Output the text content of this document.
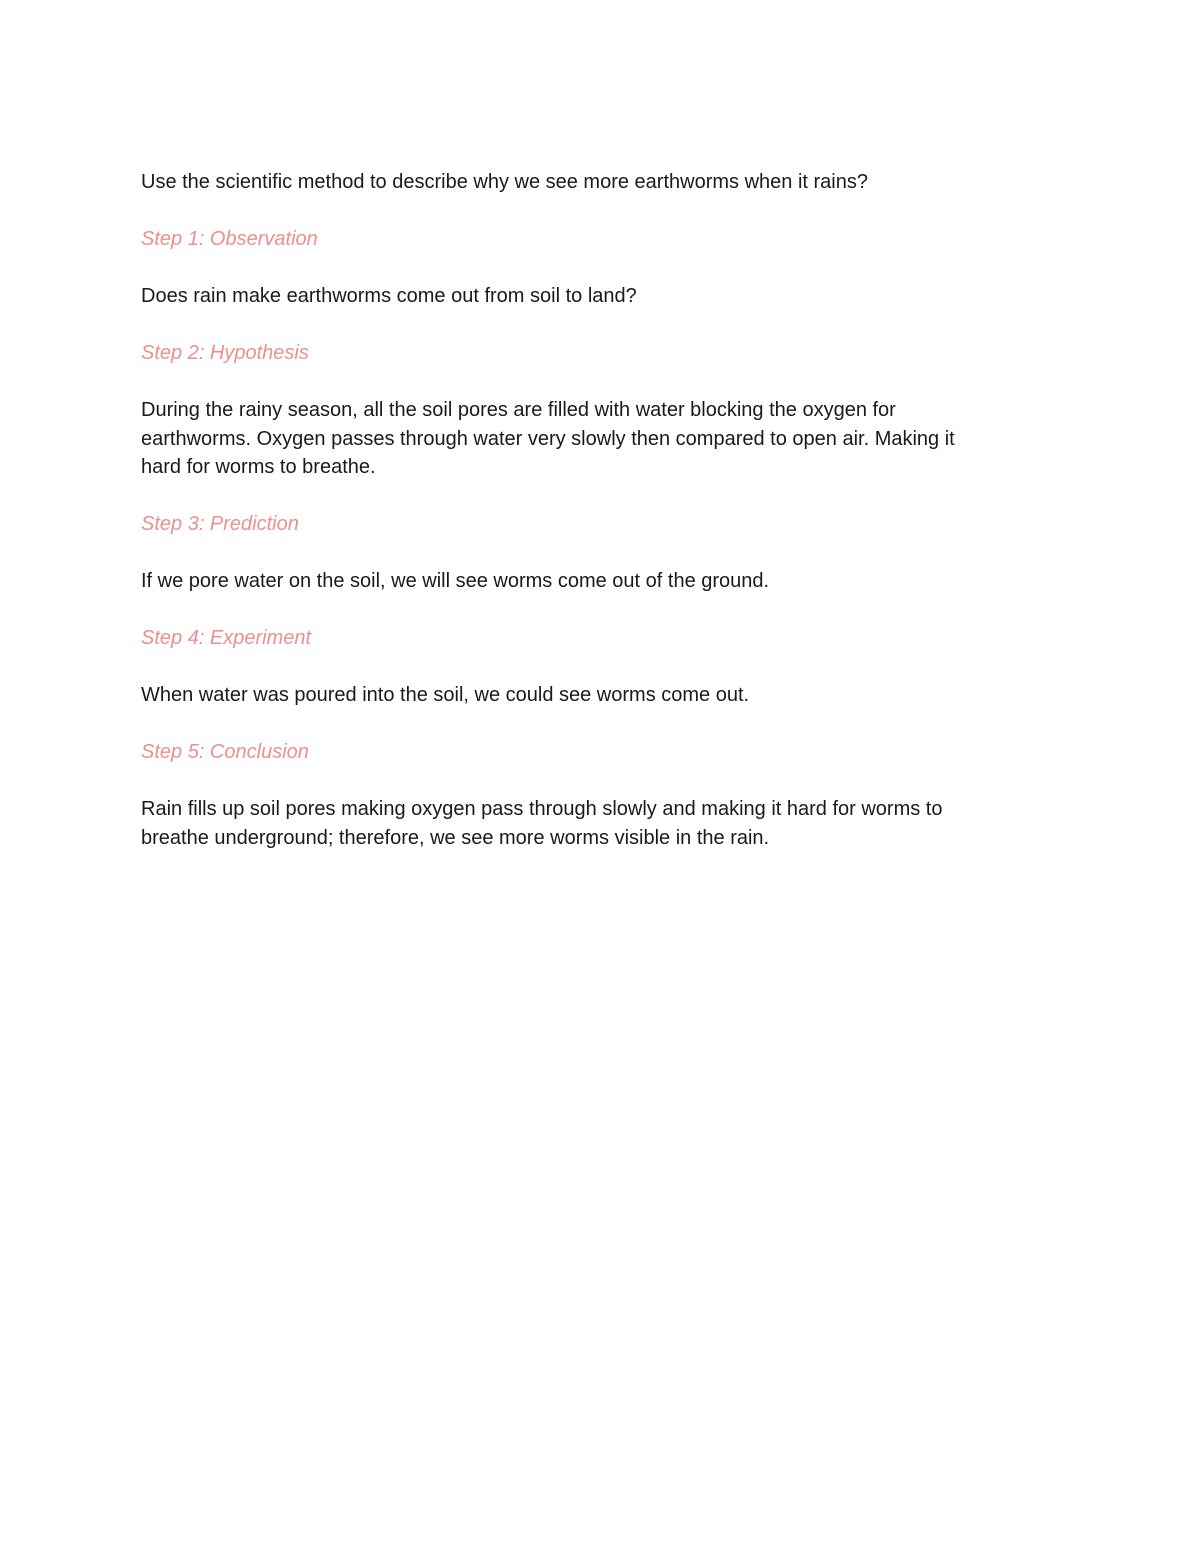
Use the scientific method to describe why we see more earthworms when it rains?

Step 1: Observation

Does rain make earthworms come out from soil to land?

Step 2: Hypothesis

During the rainy season, all the soil pores are filled with water blocking the oxygen for
earthworms. Oxygen passes through water very slowly then compared to open air. Making it
hard for worms to breathe.

Step 3: Prediction

If we pore water on the soil, we will see worms come out of the ground.

Step 4: Experiment

When water was poured into the soil, we could see worms come out.

Step 5: Conclusion

Rain fills up soil pores making oxygen pass through slowly and making it hard for worms to
breathe underground; therefore, we see more worms visible in the rain.
